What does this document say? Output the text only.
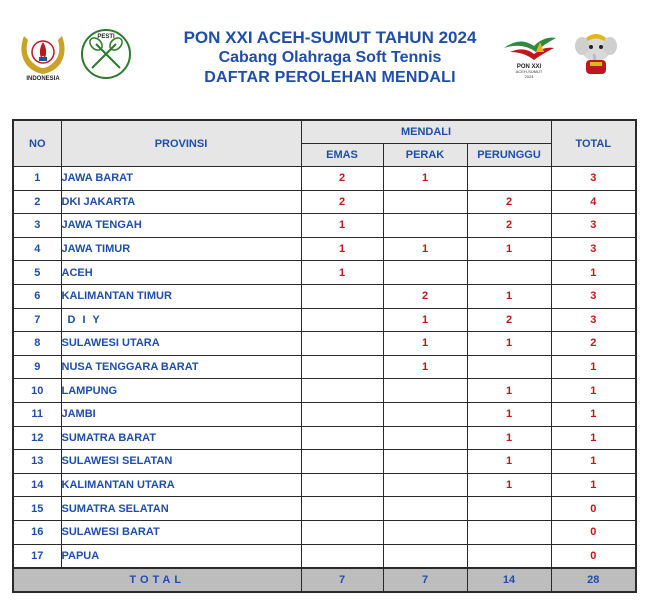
INDONESIA
PESTI	PON XXI ACEH-SUMUT TAHUN 2024
Cabang Olahraga Soft Tennis
DAFTAR PEROLEHAN MENDALI
PON XXI
ACEH-SUMUT
2024
NO	PROVINSI	MENDALI			TOTAL
		EMAS	PERAK	PERUNGGU	
1	JAWA BARAT	2	1		3
2	DKI JAKARTA	2		2	4
3	JAWA TENGAH	1		2	3
4	JAWA TIMUR	1	1	1	3
5	ACEH	1			1
6	KALIMANTAN TIMUR		2	1	3
7	D I Y		1	2	3
8	SULAWESI UTARA		1	1	2
9	NUSA TENGGARA BARAT		1		1
10	LAMPUNG			1	1
11	JAMBI			1	1
12	SUMATRA BARAT			1	1
13	SULAWESI SELATAN			1	1
14	KALIMANTAN UTARA			1	1
15	SUMATRA SELATAN				0
16	SULAWESI BARAT				0
17	PAPUA				0
TOTAL		7	7	14	28
